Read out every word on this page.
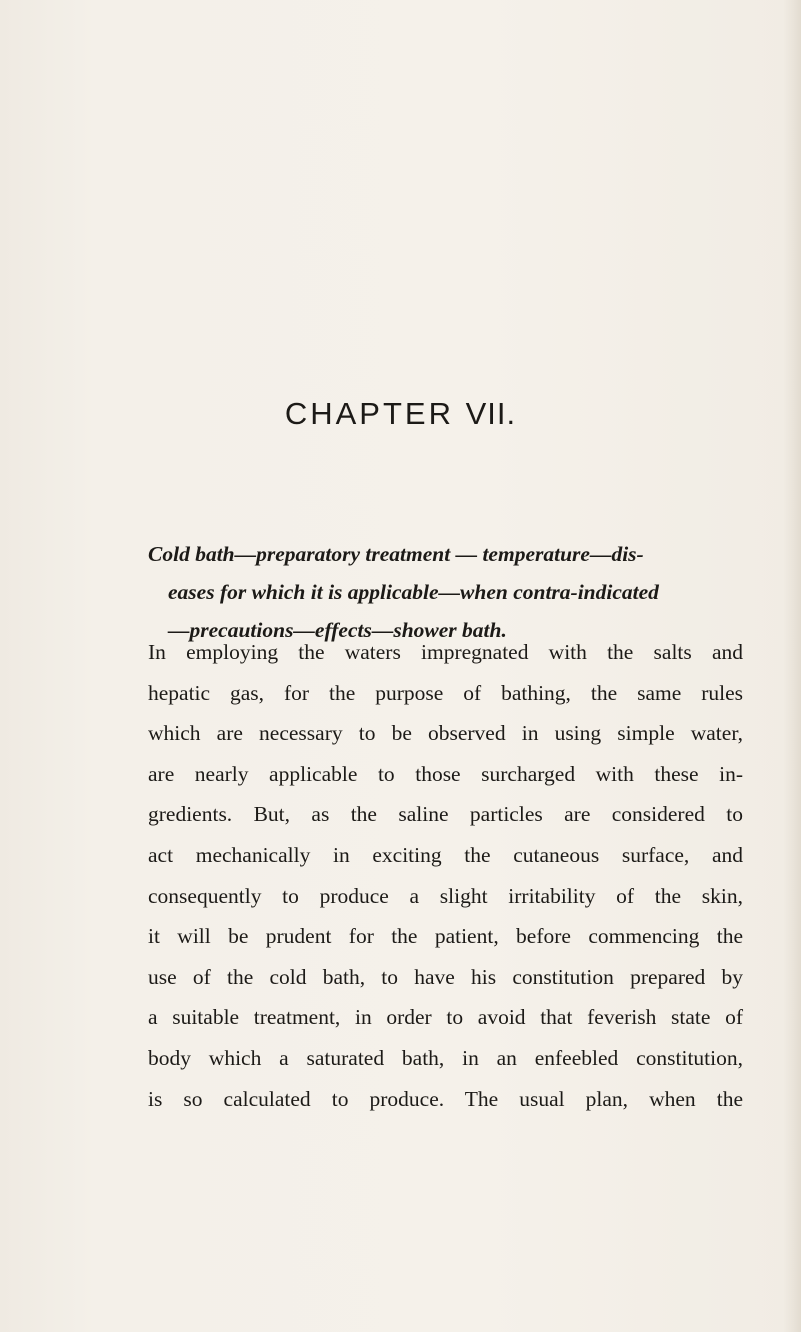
CHAPTER VII.

Cold bath—preparatory treatment — temperature—dis-
eases for which it is applicable—when contra-indicated
—precautions—effects—shower bath.

In employing the waters impregnated with the salts and
hepatic gas, for the purpose of bathing, the same rules
which are necessary to be observed in using simple water,
are nearly applicable to those surcharged with these in-
gredients. But, as the saline particles are considered to
act mechanically in exciting the cutaneous surface, and
consequently to produce a slight irritability of the skin,
it will be prudent for the patient, before commencing the
use of the cold bath, to have his constitution prepared by
a suitable treatment, in order to avoid that feverish state of
body which a saturated bath, in an enfeebled constitution,
is so calculated to produce. The usual plan, when the
